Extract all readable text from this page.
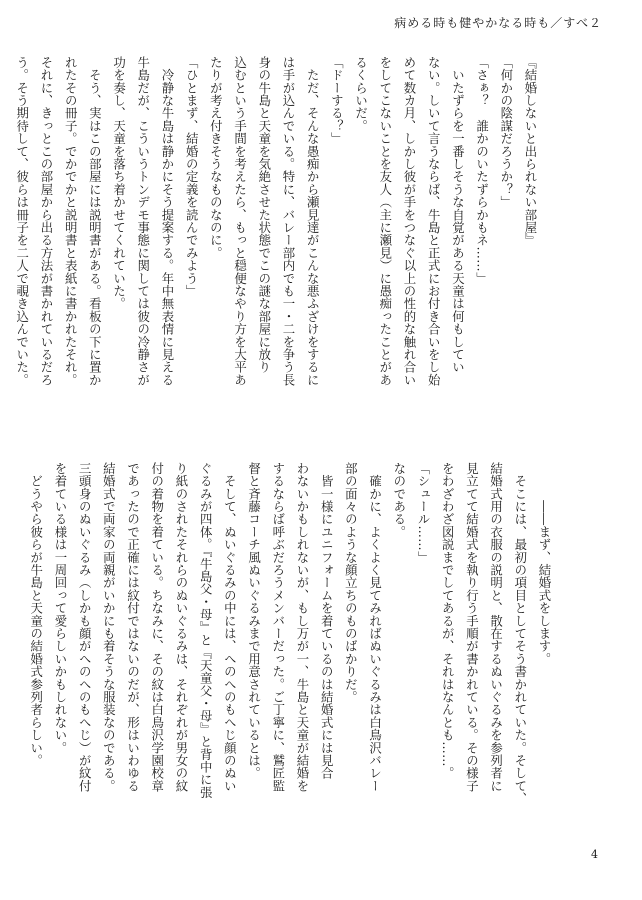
病める時も健やかなる時も／すべ２

『結婚しないと出られない部屋』

「何かの陰謀だろうか？」

「さぁ？　誰かのいたずらかもネ……」

　いたずらを一番しそうな自覚がある天童は何もしてい

ない。しいて言うならば、牛島と正式にお付き合いをし始

めて数カ月、しかし彼が手をつなぐ以上の性的な触れ合い

をしてこないことを友人（主に瀬見）に愚痴ったことがあ

るくらいだ。

「ドーする？」

　ただ、そんな愚痴から瀬見達がこんな悪ふざけをするに

は手が込んでいる。特に、バレー部内でも一・二を争う長

身の牛島と天童を気絶させた状態でこの謎な部屋に放り

込むという手間を考えたら、もっと穏便なやり方を大平あ

たりが考え付きそうなものなのに。

「ひとまず、結婚の定義を読んでみよう」

　冷静な牛島は静かにそう提案する。年中無表情に見える

牛島だが、こういうトンデモ事態に関しては彼の冷静さが

功を奏し、天童を落ち着かせてくれていた。

　そう、実はこの部屋には説明書がある。看板の下に置か

れたその冊子。でかでかと説明書と表紙に書かれたそれ。

それに、きっとこの部屋から出る方法が書かれているだろ

う。そう期待して、彼らは冊子を二人で覗き込んでいた。

　　　――まず、結婚式をします。

　そこには、最初の項目としてそう書かれていた。そして、

結婚式用の衣服の説明と、散在するぬいぐるみを参列者に

見立てて結婚式を執り行う手順が書かれている。その様子

をわざわざ図説までしてあるが、それはなんとも……。

「シュール……」

なのである。

　確かに、よくよく見てみればぬいぐるみは白鳥沢バレー

部の面々のような顔立ちのものばかりだ。

　皆一様にユニフォームを着ているのは結婚式には見合

わないかもしれないが、もし万が一、牛島と天童が結婚を

するならば呼ぶだろうメンバーだった。ご丁寧に、鷲匠監

督と斉藤コーチ風ぬいぐるみまで用意されているとは。

　そして、ぬいぐるみの中には、へのへのもへじ顔のぬい

ぐるみが四体。『牛島父・母』と『天童父・母』と背中に張

り紙のされたそれらのぬいぐるみは、それぞれが男女の紋

付の着物を着ている。ちなみに、その紋は白鳥沢学園校章

であったので正確には紋付ではないのだが、形はいわゆる

結婚式で両家の両親がいかにも着そうな服装なのである。

三頭身のぬいぐるみ（しかも顔がへのへのもへじ）が紋付

を着ている様は一周回って愛らしいかもしれない。

　どうやら彼らが牛島と天童の結婚式参列者らしい。

4
